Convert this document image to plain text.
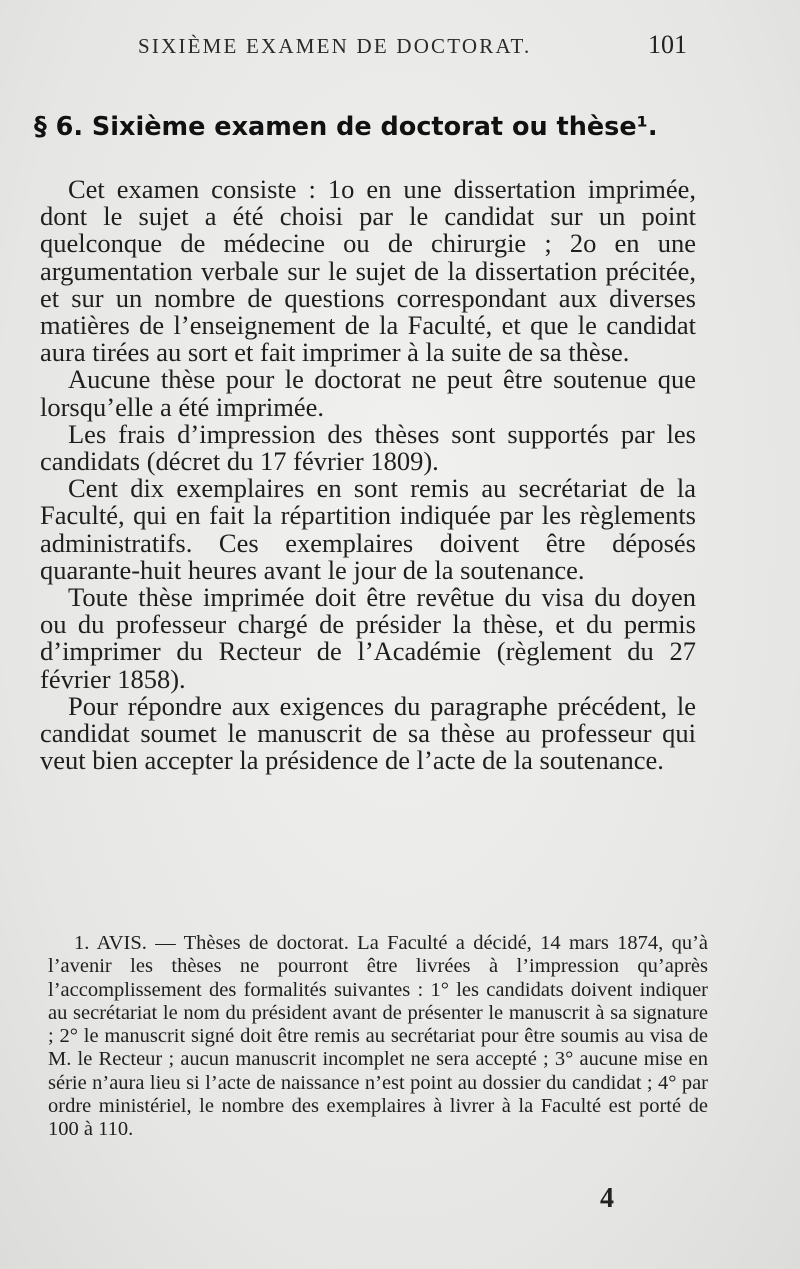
SIXIÈME EXAMEN DE DOCTORAT.	101
§ 6. Sixième examen de doctorat ou thèse¹.

Cet examen consiste : 1o en une dissertation imprimée, dont le sujet a été choisi par le candidat sur un point quelconque de médecine ou de chirurgie ; 2o en une argumentation verbale sur le sujet de la dissertation précitée, et sur un nombre de questions correspondant aux diverses matières de l’enseignement de la Faculté, et que le candidat aura tirées au sort et fait imprimer à la suite de sa thèse.

Aucune thèse pour le doctorat ne peut être soutenue que lorsqu’elle a été imprimée.

Les frais d’impression des thèses sont supportés par les candidats (décret du 17 février 1809).

Cent dix exemplaires en sont remis au secrétariat de la Faculté, qui en fait la répartition indiquée par les règlements administratifs. Ces exemplaires doivent être déposés quarante-huit heures avant le jour de la soutenance.

Toute thèse imprimée doit être revêtue du visa du doyen ou du professeur chargé de présider la thèse, et du permis d’imprimer du Recteur de l’Académie (règlement du 27 février 1858).

Pour répondre aux exigences du paragraphe précédent, le candidat soumet le manuscrit de sa thèse au professeur qui veut bien accepter la présidence de l’acte de la soutenance.

1. AVIS. — Thèses de doctorat. La Faculté a décidé, 14 mars 1874, qu’à l’avenir les thèses ne pourront être livrées à l’impression qu’après l’accomplissement des formalités suivantes : 1° les candidats doivent indiquer au secrétariat le nom du président avant de présenter le manuscrit à sa signature ; 2° le manuscrit signé doit être remis au secrétariat pour être soumis au visa de M. le Recteur ; aucun manuscrit incomplet ne sera accepté ; 3° aucune mise en série n’aura lieu si l’acte de naissance n’est point au dossier du candidat ; 4° par ordre ministériel, le nombre des exemplaires à livrer à la Faculté est porté de 100 à 110.

4
